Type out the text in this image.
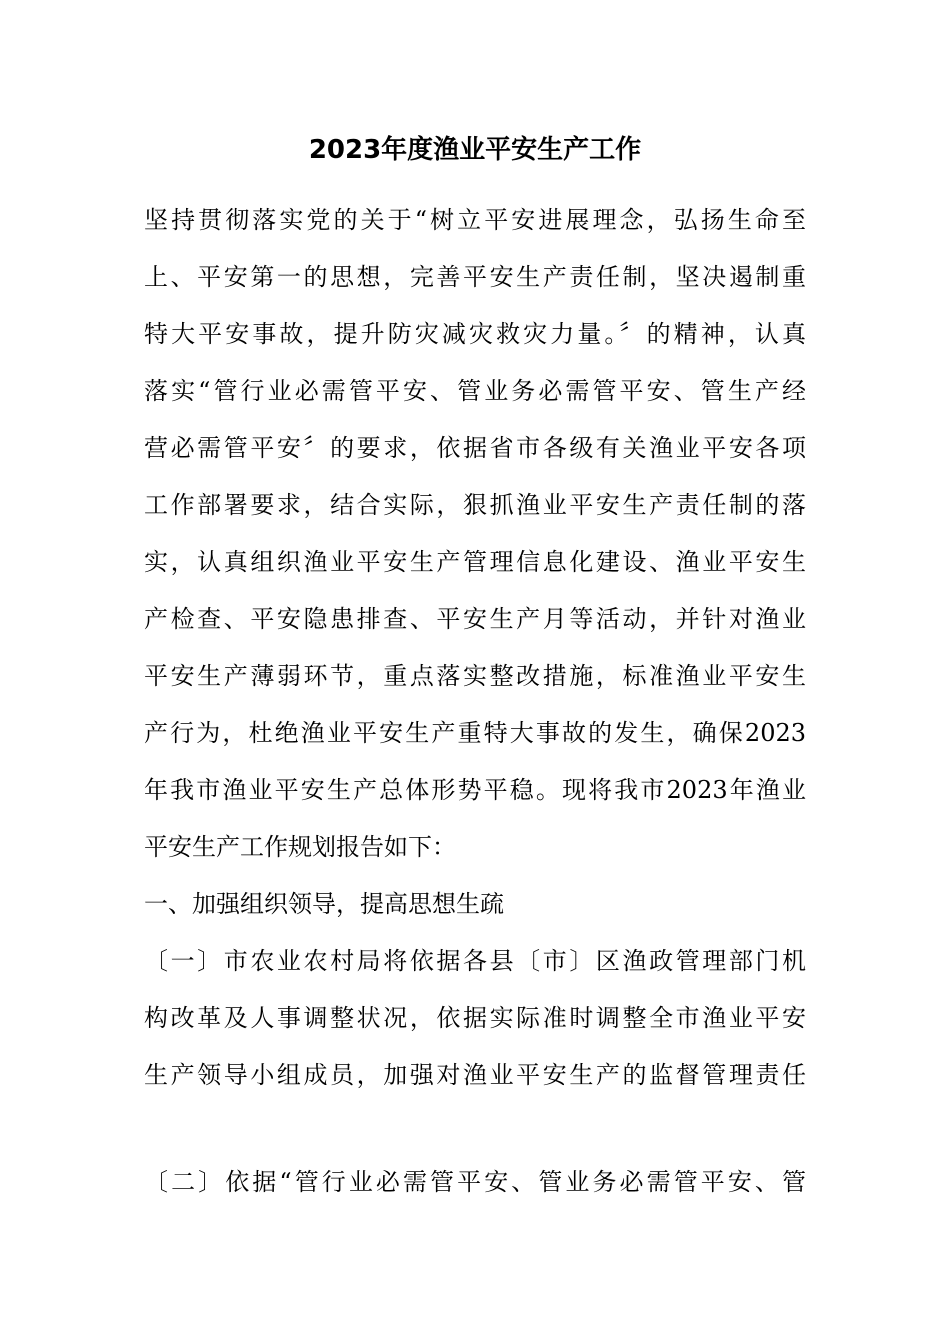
2023年度渔业平安生产工作

坚持贯彻落实党的关于“树立平安进展理念，弘扬生命至

上、平安第一的思想，完善平安生产责任制，坚决遏制重

特大平安事故，提升防灾减灾救灾力量。〞的精神，认真

落实“管行业必需管平安、管业务必需管平安、管生产经

营必需管平安〞的要求，依据省市各级有关渔业平安各项

工作部署要求，结合实际，狠抓渔业平安生产责任制的落

实，认真组织渔业平安生产管理信息化建设、渔业平安生

产检查、平安隐患排查、平安生产月等活动，并针对渔业

平安生产薄弱环节，重点落实整改措施，标准渔业平安生

产行为，杜绝渔业平安生产重特大事故的发生，确保2023

年我市渔业平安生产总体形势平稳。现将我市2023年渔业

平安生产工作规划报告如下：

一、加强组织领导，提高思想生疏

〔一〕市农业农村局将依据各县〔市〕区渔政管理部门机

构改革及人事调整状况，依据实际准时调整全市渔业平安

生产领导小组成员，加强对渔业平安生产的监督管理责任

〔二〕依据“管行业必需管平安、管业务必需管平安、管
